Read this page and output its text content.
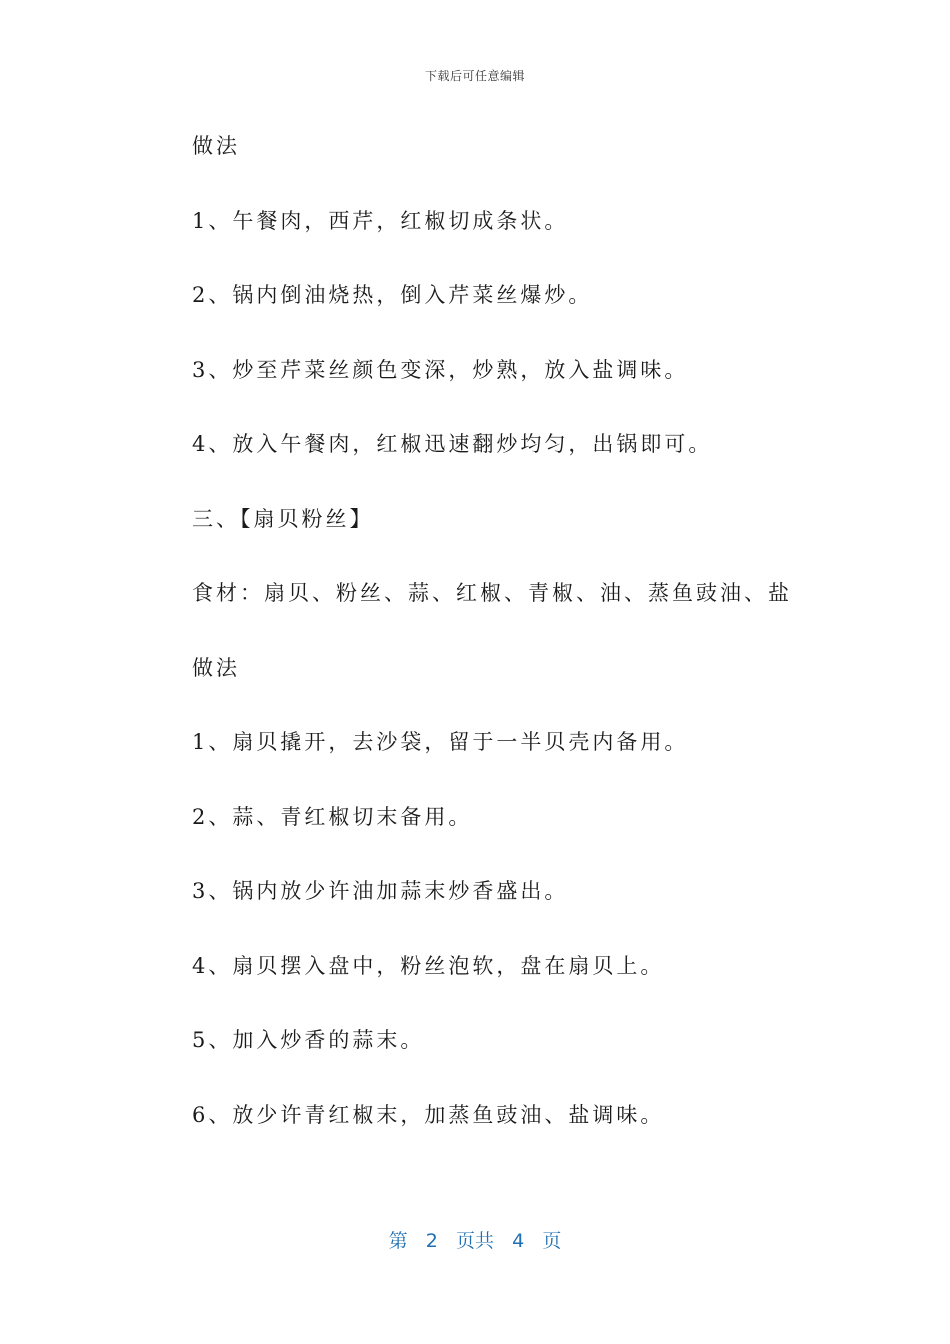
下载后可任意编辑
做法
1、午餐肉，西芹，红椒切成条状。
2、锅内倒油烧热，倒入芹菜丝爆炒。
3、炒至芹菜丝颜色变深，炒熟，放入盐调味。
4、放入午餐肉，红椒迅速翻炒均匀，出锅即可。
三、【扇贝粉丝】
食材：扇贝、粉丝、蒜、红椒、青椒、油、蒸鱼豉油、盐
做法
1、扇贝撬开，去沙袋，留于一半贝壳内备用。
2、蒜、青红椒切末备用。
3、锅内放少许油加蒜末炒香盛出。
4、扇贝摆入盘中，粉丝泡软，盘在扇贝上。
5、加入炒香的蒜末。
6、放少许青红椒末，加蒸鱼豉油、盐调味。
第 2 页共 4 页
